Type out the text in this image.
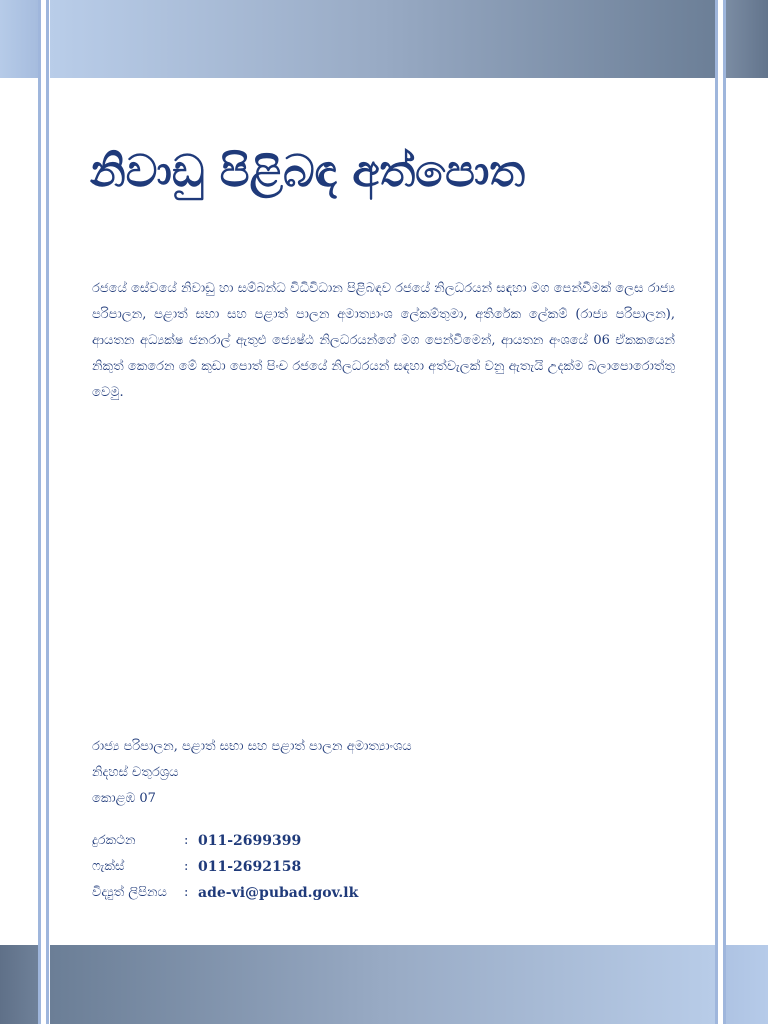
නිවාඩු පිළිබඳ අත්පොත

රජයේ සේවයේ නිවාඩු හා සම්බන්ධ විධිවිධාන පිළිබඳව රජයේ නිලධරයන් සඳහා මග පෙන්වීමක් ලෙස රාජ්‍ය පරිපාලන, පළාත් සභා සහ පළාත් පාලන අමාත්‍යාංශ ලේකම්තුමා, අතිරේක ලේකම් (රාජ්‍ය පරිපාලන), ආයතන අධ්‍යක්ෂ ජනරාල් ඇතුළු ජ්‍යෙෂ්ඨ නිලධරයන්ගේ මග පෙන්වීමෙන්, ආයතන අංශයේ 06 ඒකකයෙන් නිකුත් කෙරෙන මේ කුඩා පොත් පිංච රජයේ නිලධරයන් සඳහා අත්වැලක් වනු ඇතැයි උදක්ම බලාපොරොත්තු වෙමු.

රාජ්‍ය පරිපාලන, පළාත් සභා සහ පළාත් පාලන අමාත්‍යාංශය
නිදහස් චතුරශ්‍රය
කොළඹ 07
දුරකථන	: 011-2699399
ෆැක්ස්	: 011-2692158
විද්‍යුත් ලිපිනය	: ade-vi@pubad.gov.lk
